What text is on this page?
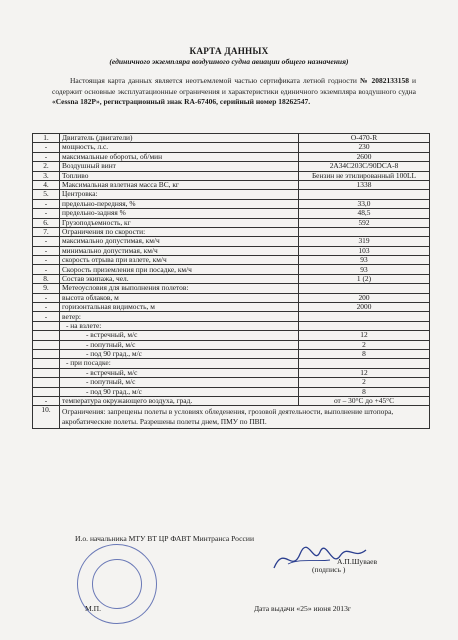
КАРТА ДАННЫХ
(единичного экземпляра воздушного судна авиации общего назначения)
Настоящая карта данных является неотъемлемой частью сертификата летной годности № 2082133158 и содержит основные эксплуатационные ограничения и характеристики единичного экземпляра воздушного судна «Cessna 182P», регистрационный знак RA-67406, серийный номер 18262547.
1.	Двигатель (двигатели)	О-470-R
-	мощность, л.с.	230
-	максимальные обороты, об/мин	2600
2.	Воздушный винт	2А34С203С/90DCA-8
3.	Топливо	Бензин не этилированный 100LL
4.	Максимальная взлетная масса ВС, кг	1338
5.	Центровка:	
-	предельно-передняя, %	33,0
-	предельно-задняя %	48,5
6.	Грузоподъемность, кг	592
7.	Ограничения по скорости:	
-	максимально допустимая, км/ч	319
-	минимально допустимая, км/ч	103
-	скорость отрыва при взлете, км/ч	93
-	Скорость приземления при посадке, км/ч	93
8.	Состав экипажа, чел.	1 (2)
9.	Метеоусловия для выполнения полетов:	
-	высота облаков, м	200
-	горизонтальная видимость, м	2000
-	ветер:	
	- на взлете:	
	- встречный, м/с	12
	- попутный, м/с	2
	- под 90 град., м/с	8
	- при посадке:	
	- встречный, м/с	12
	- попутный, м/с	2
	- под 90 град., м/с	8
-	температура окружающего воздуха, град.	от – 30°С до +45°С
10.	Ограничения: запрещены полеты в условиях обледенения, грозовой деятельности, выполнение штопора, акробатические полеты. Разрешены полеты днем, ПМУ по ПВП.	
И.о. начальника МТУ ВТ ЦР ФАВТ Минтранса России
А.П.Шуваев
(подпись )
М.П.	Дата выдачи «25» июня 2013г
